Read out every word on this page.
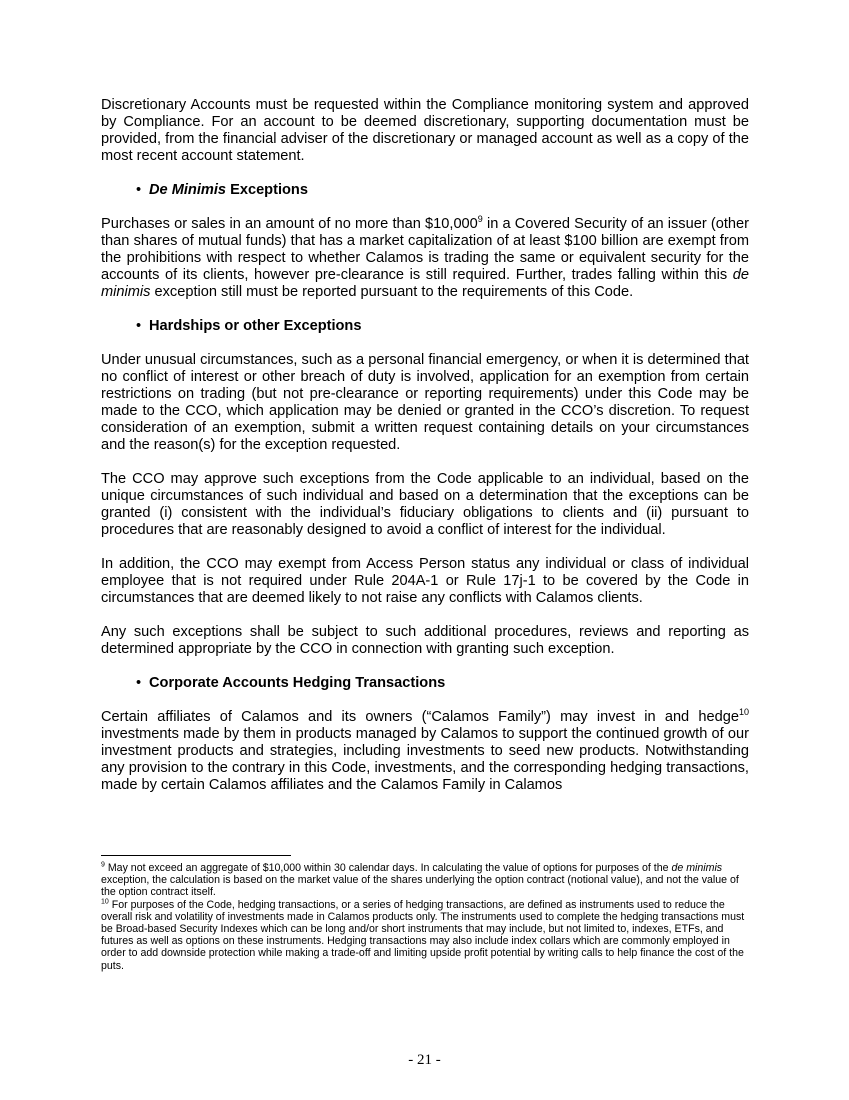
Discretionary Accounts must be requested within the Compliance monitoring system and approved by Compliance. For an account to be deemed discretionary, supporting documentation must be provided, from the financial adviser of the discretionary or managed account as well as a copy of the most recent account statement.

• De Minimis Exceptions

Purchases or sales in an amount of no more than $10,000$^9$ in a Covered Security of an issuer (other than shares of mutual funds) that has a market capitalization of at least $100 billion are exempt from the prohibitions with respect to whether Calamos is trading the same or equivalent security for the accounts of its clients, however pre-clearance is still required. Further, trades falling within this de minimis exception still must be reported pursuant to the requirements of this Code.

• Hardships or other Exceptions

Under unusual circumstances, such as a personal financial emergency, or when it is determined that no conflict of interest or other breach of duty is involved, application for an exemption from certain restrictions on trading (but not pre-clearance or reporting requirements) under this Code may be made to the CCO, which application may be denied or granted in the CCO’s discretion. To request consideration of an exemption, submit a written request containing details on your circumstances and the reason(s) for the exception requested.

The CCO may approve such exceptions from the Code applicable to an individual, based on the unique circumstances of such individual and based on a determination that the exceptions can be granted (i) consistent with the individual’s fiduciary obligations to clients and (ii) pursuant to procedures that are reasonably designed to avoid a conflict of interest for the individual.

In addition, the CCO may exempt from Access Person status any individual or class of individual employee that is not required under Rule 204A-1 or Rule 17j-1 to be covered by the Code in circumstances that are deemed likely to not raise any conflicts with Calamos clients.

Any such exceptions shall be subject to such additional procedures, reviews and reporting as determined appropriate by the CCO in connection with granting such exception.

• Corporate Accounts Hedging Transactions

Certain affiliates of Calamos and its owners (“Calamos Family”) may invest in and hedge$^{10}$ investments made by them in products managed by Calamos to support the continued growth of our investment products and strategies, including investments to seed new products. Notwithstanding any provision to the contrary in this Code, investments, and the corresponding hedging transactions, made by certain Calamos affiliates and the Calamos Family in Calamos

$^9$ May not exceed an aggregate of $10,000 within 30 calendar days. In calculating the value of options for purposes of the de minimis exception, the calculation is based on the market value of the shares underlying the option contract (notional value), and not the value of the option contract itself.

$^{10}$ For purposes of the Code, hedging transactions, or a series of hedging transactions, are defined as instruments used to reduce the overall risk and volatility of investments made in Calamos products only. The instruments used to complete the hedging transactions must be Broad-based Security Indexes which can be long and/or short instruments that may include, but not limited to, indexes, ETFs, and futures as well as options on these instruments. Hedging transactions may also include index collars which are commonly employed in order to add downside protection while making a trade-off and limiting upside profit potential by writing calls to help finance the cost of the puts.

- 21 -
